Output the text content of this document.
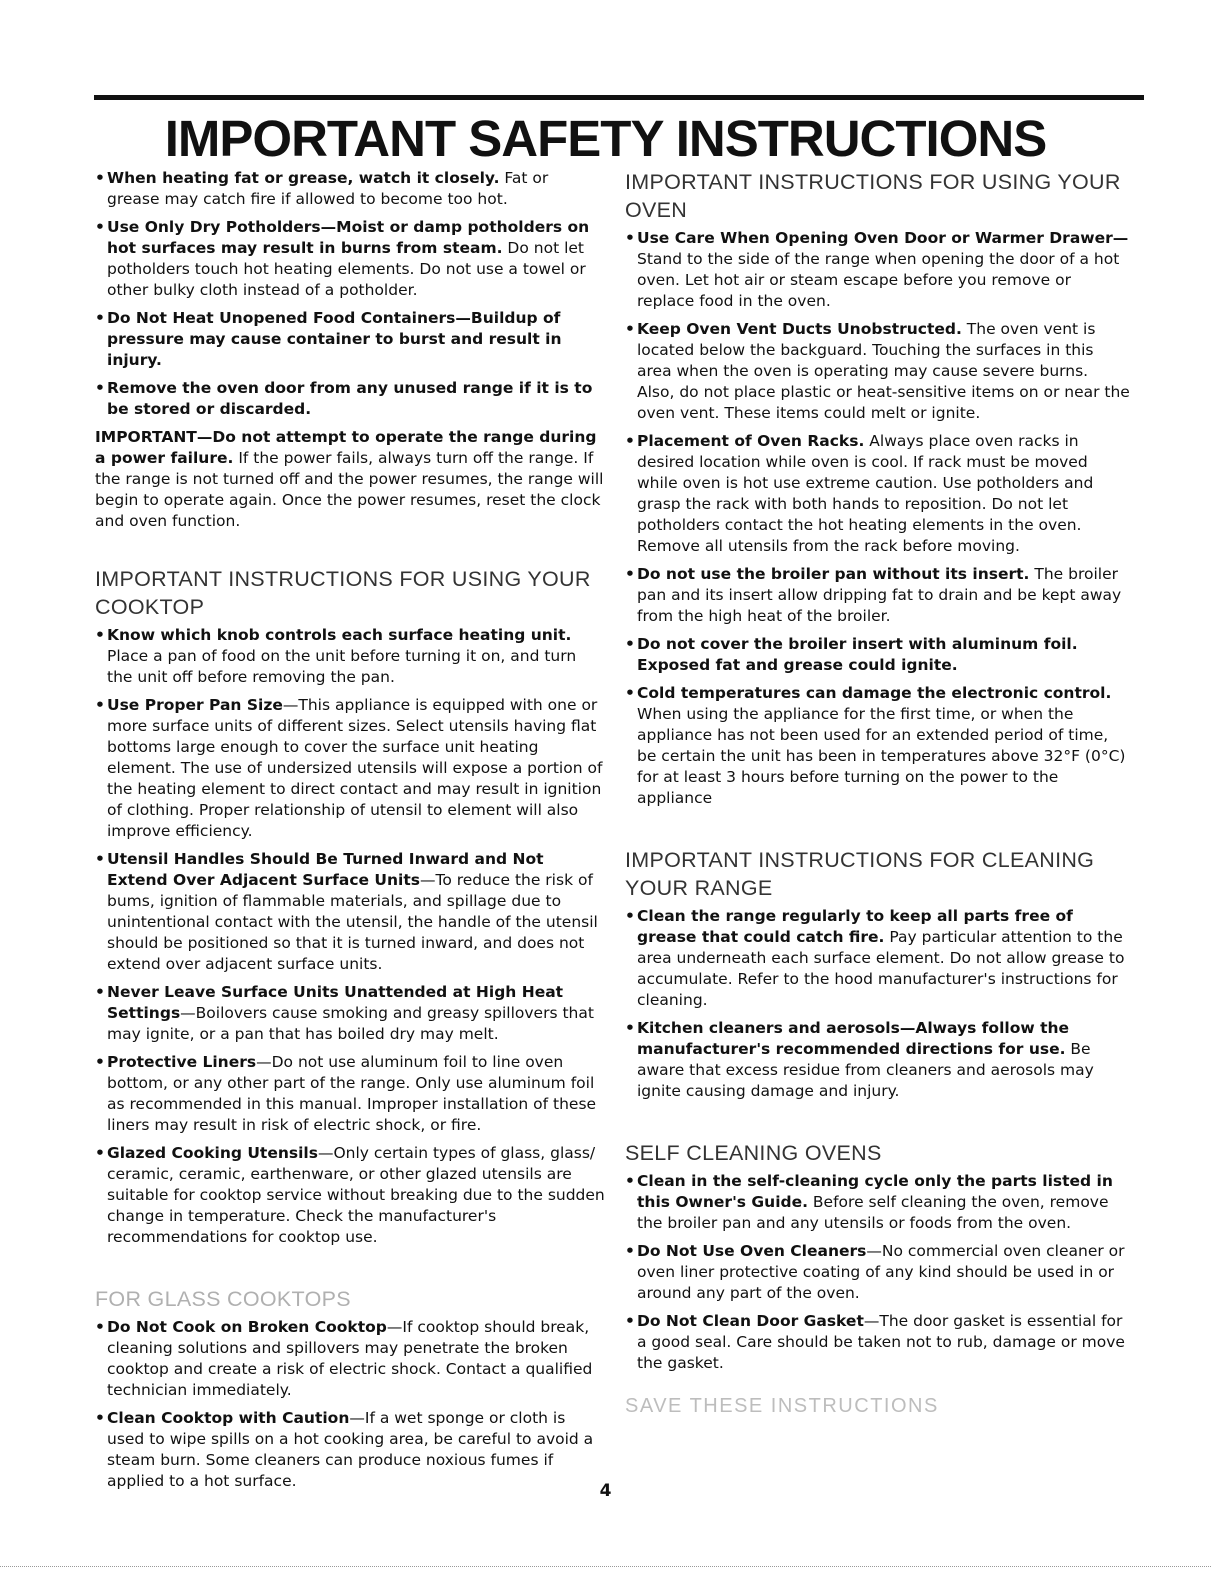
IMPORTANT SAFETY INSTRUCTIONS
• When heating fat or grease, watch it closely. Fat or grease may catch fire if allowed to become too hot.
• Use Only Dry Potholders—Moist or damp potholders on hot surfaces may result in burns from steam. Do not let potholders touch hot heating elements. Do not use a towel or other bulky cloth instead of a potholder.
• Do Not Heat Unopened Food Containers—Buildup of pressure may cause container to burst and result in injury.
• Remove the oven door from any unused range if it is to be stored or discarded.

IMPORTANT—Do not attempt to operate the range during a power failure. If the power fails, always turn off the range. If the range is not turned off and the power resumes, the range will begin to operate again. Once the power resumes, reset the clock and oven function.

IMPORTANT INSTRUCTIONS FOR USING YOUR COOKTOP
• Know which knob controls each surface heating unit. Place a pan of food on the unit before turning it on, and turn the unit off before removing the pan.
• Use Proper Pan Size—This appliance is equipped with one or more surface units of different sizes. Select utensils having flat bottoms large enough to cover the surface unit heating element. The use of undersized utensils will expose a portion of the heating element to direct contact and may result in ignition of clothing. Proper relationship of utensil to element will also improve efficiency.
• Utensil Handles Should Be Turned Inward and Not Extend Over Adjacent Surface Units—To reduce the risk of bums, ignition of flammable materials, and spillage due to unintentional contact with the utensil, the handle of the utensil should be positioned so that it is turned inward, and does not extend over adjacent surface units.
• Never Leave Surface Units Unattended at High Heat Settings—Boilovers cause smoking and greasy spillovers that may ignite, or a pan that has boiled dry may melt.
• Protective Liners—Do not use aluminum foil to line oven bottom, or any other part of the range. Only use aluminum foil as recommended in this manual. Improper installation of these liners may result in risk of electric shock, or fire.
• Glazed Cooking Utensils—Only certain types of glass, glass/ ceramic, ceramic, earthenware, or other glazed utensils are suitable for cooktop service without breaking due to the sudden change in temperature. Check the manufacturer's recommendations for cooktop use.
FOR GLASS COOKTOPS
• Do Not Cook on Broken Cooktop—If cooktop should break, cleaning solutions and spillovers may penetrate the broken cooktop and create a risk of electric shock. Contact a qualified technician immediately.
• Clean Cooktop with Caution—If a wet sponge or cloth is used to wipe spills on a hot cooking area, be careful to avoid a steam burn. Some cleaners can produce noxious fumes if applied to a hot surface.
IMPORTANT INSTRUCTIONS FOR USING YOUR OVEN
• Use Care When Opening Oven Door or Warmer Drawer— Stand to the side of the range when opening the door of a hot oven. Let hot air or steam escape before you remove or replace food in the oven.
• Keep Oven Vent Ducts Unobstructed. The oven vent is located below the backguard. Touching the surfaces in this area when the oven is operating may cause severe burns. Also, do not place plastic or heat-sensitive items on or near the oven vent. These items could melt or ignite.
• Placement of Oven Racks. Always place oven racks in desired location while oven is cool. If rack must be moved while oven is hot use extreme caution. Use potholders and grasp the rack with both hands to reposition. Do not let potholders contact the hot heating elements in the oven. Remove all utensils from the rack before moving.
• Do not use the broiler pan without its insert. The broiler pan and its insert allow dripping fat to drain and be kept away from the high heat of the broiler.
• Do not cover the broiler insert with aluminum foil. Exposed fat and grease could ignite.
• Cold temperatures can damage the electronic control. When using the appliance for the first time, or when the appliance has not been used for an extended period of time, be certain the unit has been in temperatures above 32°F (0°C) for at least 3 hours before turning on the power to the appliance
IMPORTANT INSTRUCTIONS FOR CLEANING YOUR RANGE
• Clean the range regularly to keep all parts free of grease that could catch fire. Pay particular attention to the area underneath each surface element. Do not allow grease to accumulate. Refer to the hood manufacturer's instructions for cleaning.
• Kitchen cleaners and aerosols—Always follow the manufacturer's recommended directions for use. Be aware that excess residue from cleaners and aerosols may ignite causing damage and injury.
SELF CLEANING OVENS
• Clean in the self-cleaning cycle only the parts listed in this Owner's Guide. Before self cleaning the oven, remove the broiler pan and any utensils or foods from the oven.
• Do Not Use Oven Cleaners—No commercial oven cleaner or oven liner protective coating of any kind should be used in or around any part of the oven.
• Do Not Clean Door Gasket—The door gasket is essential for a good seal. Care should be taken not to rub, damage or move the gasket.
SAVE THESE INSTRUCTIONS
4
